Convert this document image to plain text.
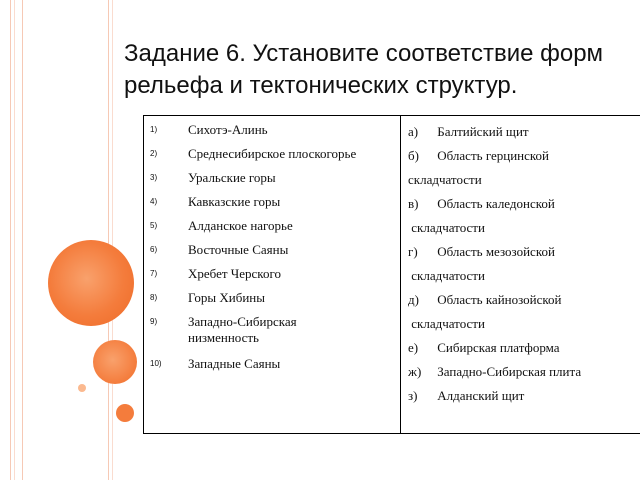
Задание 6. Установите соответствие форм
рельефа и тектонических структур.
1) Сихотэ-Алинь
2) Среднесибирское плоскогорье
3) Уральские горы
4) Кавказские горы
5) Алданское нагорье
6) Восточные Саяны
7) Хребет Черского
8) Горы Хибины
9) Западно-Сибирская низменность
10) Западные Саяны
а) Балтийский щит
б) Область герцинской
складчатости
в) Область каледонской
складчатости
г) Область мезозойской
складчатости
д) Область кайнозойской
складчатости
е) Сибирская платформа
ж) Западно-Сибирская плита
з) Алданский щит
